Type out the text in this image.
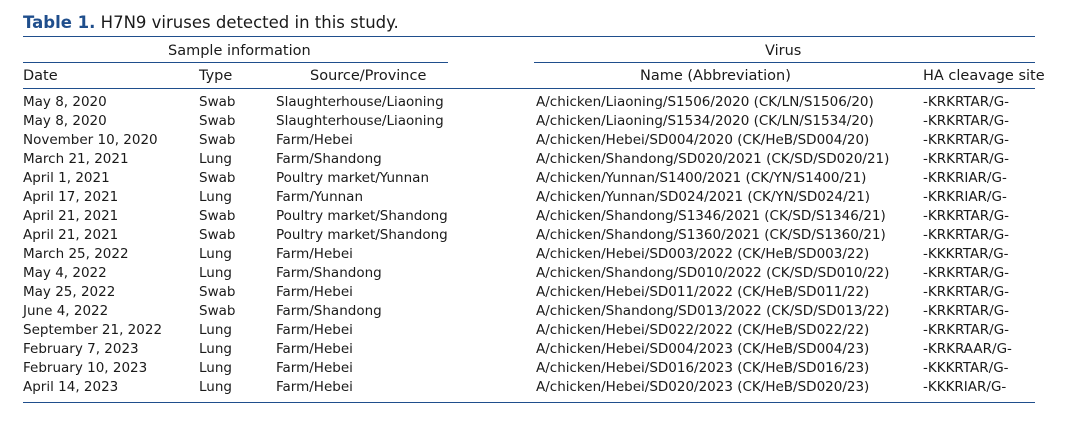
Table 1. H7N9 viruses detected in this study.
Sample information	Virus
Date	Type	Source/Province	Name (Abbreviation)	HA cleavage site
May 8, 2020	Swab	Slaughterhouse/Liaoning	A/chicken/Liaoning/S1506/2020 (CK/LN/S1506/20)	-KRKRTAR/G-
May 8, 2020	Swab	Slaughterhouse/Liaoning	A/chicken/Liaoning/S1534/2020 (CK/LN/S1534/20)	-KRKRTAR/G-
November 10, 2020	Swab	Farm/Hebei	A/chicken/Hebei/SD004/2020 (CK/HeB/SD004/20)	-KRKRTAR/G-
March 21, 2021	Lung	Farm/Shandong	A/chicken/Shandong/SD020/2021 (CK/SD/SD020/21) -KRKRTAR/G-
April 1, 2021	Swab	Poultry market/Yunnan	A/chicken/Yunnan/S1400/2021 (CK/YN/S1400/21)	-KRKRIAR/G-
April 17, 2021	Lung	Farm/Yunnan	A/chicken/Yunnan/SD024/2021 (CK/YN/SD024/21)	-KRKRIAR/G-
April 21, 2021	Swab	Poultry market/Shandong	A/chicken/Shandong/S1346/2021 (CK/SD/S1346/21)	-KRKRTAR/G-
April 21, 2021	Swab	Poultry market/Shandong	A/chicken/Shandong/S1360/2021 (CK/SD/S1360/21)	-KRKRTAR/G-
March 25, 2022	Lung	Farm/Hebei	A/chicken/Hebei/SD003/2022 (CK/HeB/SD003/22)	-KKKRTAR/G-
May 4, 2022	Lung	Farm/Shandong	A/chicken/Shandong/SD010/2022 (CK/SD/SD010/22) -KRKRTAR/G-
May 25, 2022	Swab	Farm/Hebei	A/chicken/Hebei/SD011/2022 (CK/HeB/SD011/22)	-KRKRTAR/G-
June 4, 2022	Swab	Farm/Shandong	A/chicken/Shandong/SD013/2022 (CK/SD/SD013/22) -KRKRTAR/G-
September 21, 2022	Lung	Farm/Hebei	A/chicken/Hebei/SD022/2022 (CK/HeB/SD022/22)	-KRKRTAR/G-
February 7, 2023	Lung	Farm/Hebei	A/chicken/Hebei/SD004/2023 (CK/HeB/SD004/23)	-KRKRAAR/G-
February 10, 2023	Lung	Farm/Hebei	A/chicken/Hebei/SD016/2023 (CK/HeB/SD016/23)	-KKKRTAR/G-
April 14, 2023	Lung	Farm/Hebei	A/chicken/Hebei/SD020/2023 (CK/HeB/SD020/23)	-KKKRIAR/G-
